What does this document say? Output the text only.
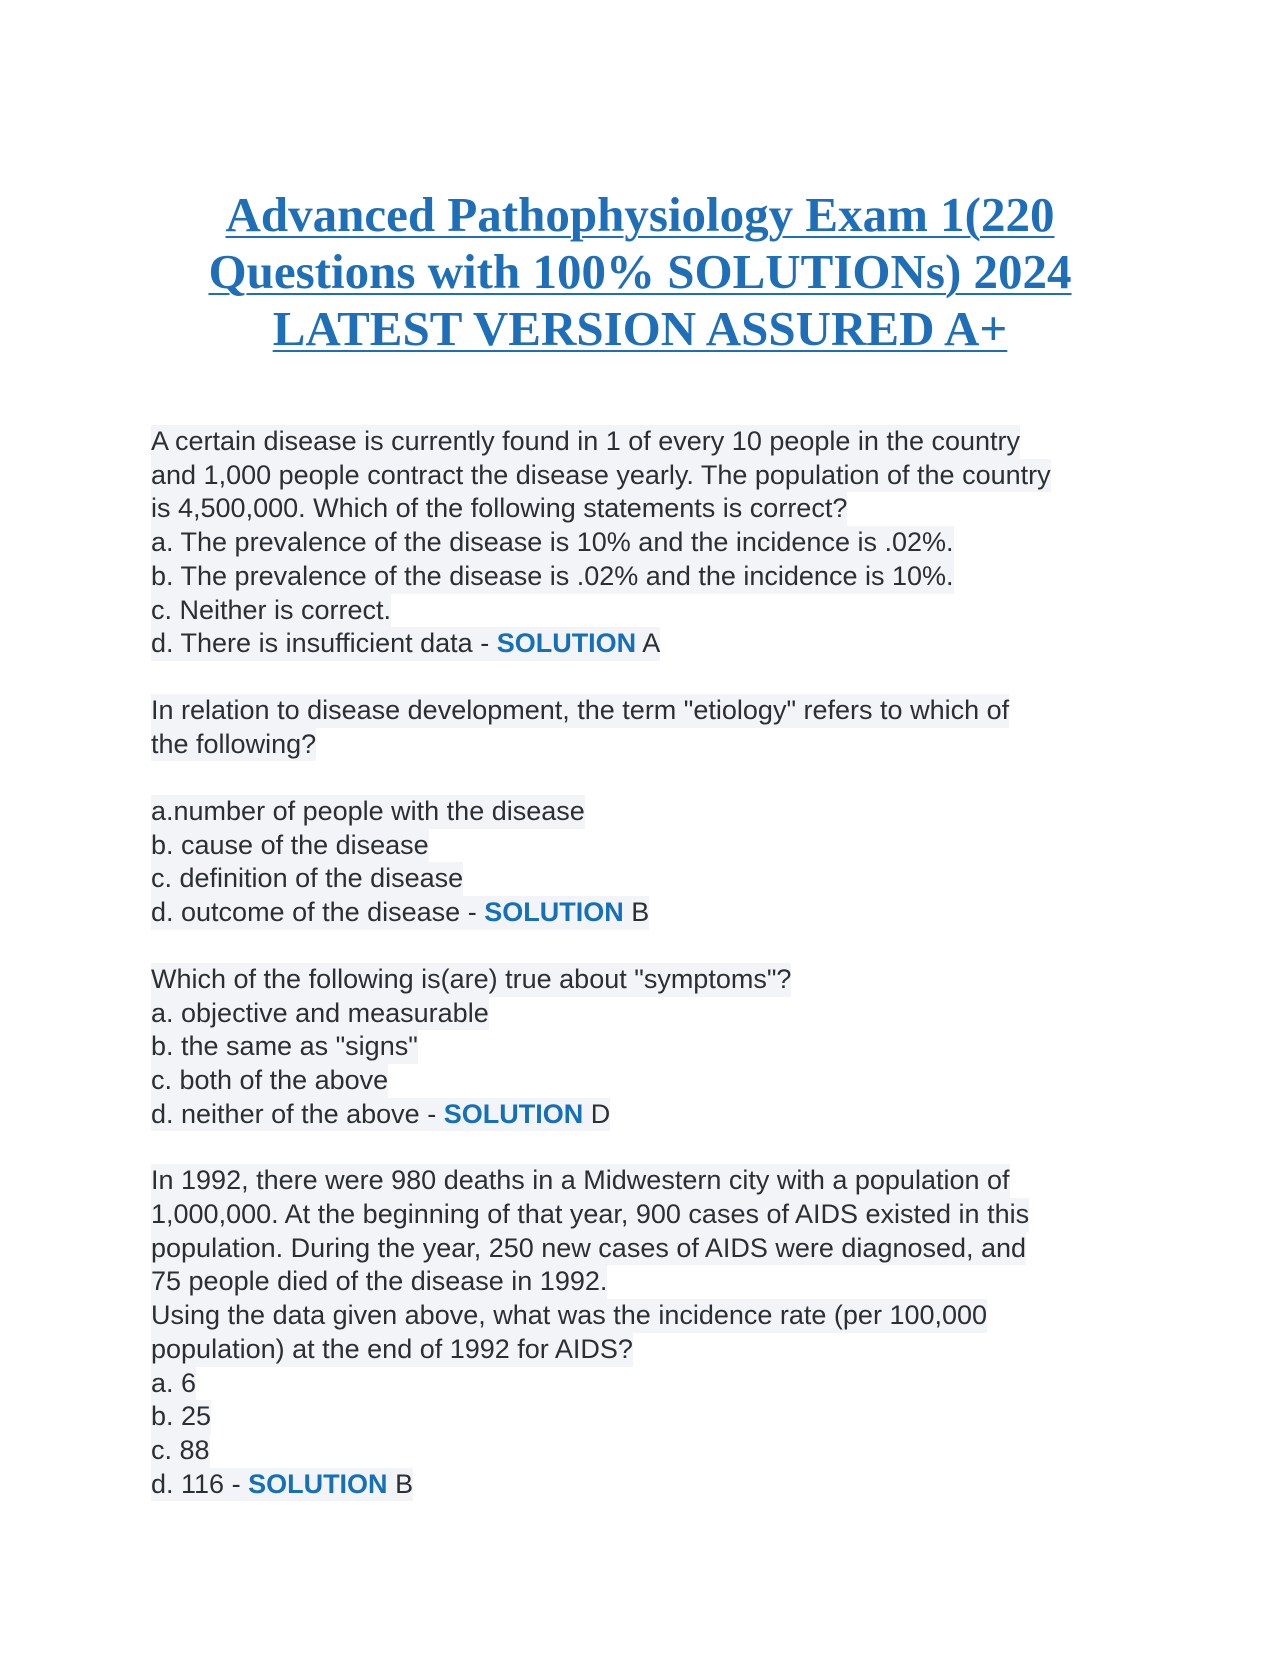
Advanced Pathophysiology Exam 1(220
Questions with 100% SOLUTIONs) 2024
LATEST VERSION ASSURED A+
A certain disease is currently found in 1 of every 10 people in the country
and 1,000 people contract the disease yearly. The population of the country
is 4,500,000. Which of the following statements is correct?
a. The prevalence of the disease is 10% and the incidence is .02%.
b. The prevalence of the disease is .02% and the incidence is 10%.
c. Neither is correct.
d. There is insufficient data - SOLUTION A
In relation to disease development, the term "etiology" refers to which of
the following?
a.number of people with the disease
b. cause of the disease
c. definition of the disease
d. outcome of the disease - SOLUTION B
Which of the following is(are) true about "symptoms"?
a. objective and measurable
b. the same as "signs"
c. both of the above
d. neither of the above - SOLUTION D
In 1992, there were 980 deaths in a Midwestern city with a population of
1,000,000. At the beginning of that year, 900 cases of AIDS existed in this
population. During the year, 250 new cases of AIDS were diagnosed, and
75 people died of the disease in 1992.
Using the data given above, what was the incidence rate (per 100,000
population) at the end of 1992 for AIDS?
a. 6
b. 25
c. 88
d. 116 - SOLUTION B
